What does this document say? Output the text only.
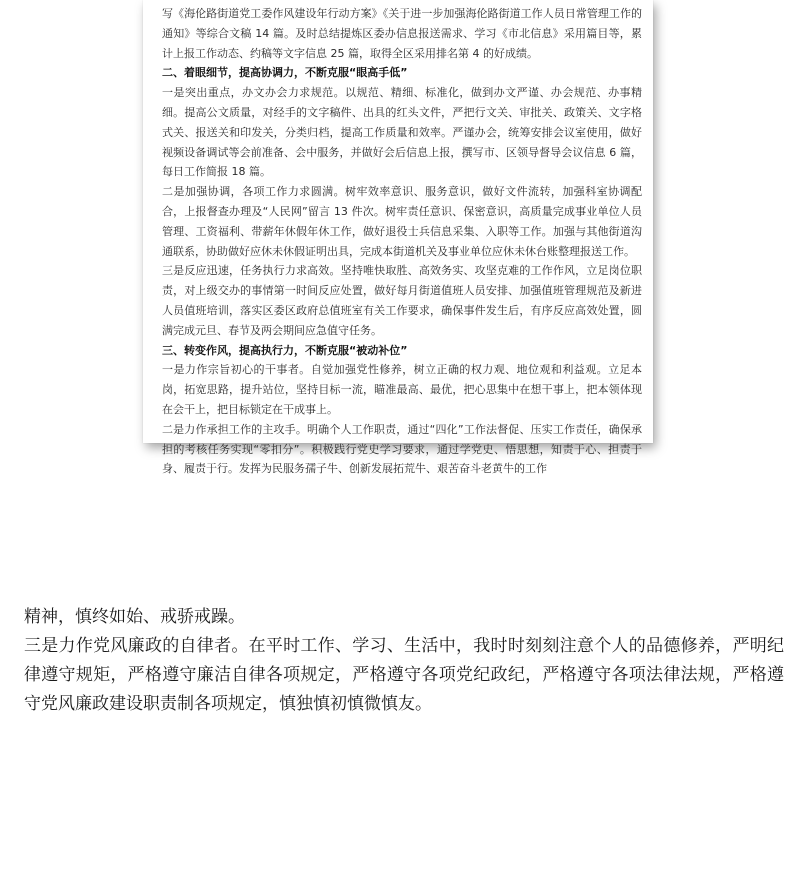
写《海伦路街道党工委作风建设年行动方案》《关于进一步加强海伦路街道工作人员日常管理工作的通知》等综合文稿 14 篇。及时总结提炼区委办信息报送需求、学习《市北信息》采用篇目等，累计上报工作动态、约稿等文字信息 25 篇，取得全区采用排名第 4 的好成绩。

二、着眼细节，提高协调力，不断克服“眼高手低”

一是突出重点，办文办会力求规范。以规范、精细、标准化，做到办文严谨、办会规范、办事精细。提高公文质量，对经手的文字稿件、出具的红头文件，严把行文关、审批关、政策关、文字格式关、报送关和印发关，分类归档，提高工作质量和效率。严谨办会，统筹安排会议室使用，做好视频设备调试等会前准备、会中服务，并做好会后信息上报，撰写市、区领导督导会议信息 6 篇，每日工作简报 18 篇。

二是加强协调，各项工作力求圆满。树牢效率意识、服务意识，做好文件流转，加强科室协调配合，上报督查办理及“人民网”留言 13 件次。树牢责任意识、保密意识，高质量完成事业单位人员管理、工资福利、带薪年休假年休工作，做好退役士兵信息采集、入职等工作。加强与其他街道沟通联系，协助做好应休未休假证明出具，完成本街道机关及事业单位应休未休台账整理报送工作。

三是反应迅速，任务执行力求高效。坚持唯快取胜、高效务实、攻坚克难的工作作风，立足岗位职责，对上级交办的事情第一时间反应处置，做好每月街道值班人员安排、加强值班管理规范及新进人员值班培训，落实区委区政府总值班室有关工作要求，确保事件发生后，有序反应高效处置，圆满完成元旦、春节及两会期间应急值守任务。

三、转变作风，提高执行力，不断克服“被动补位”

一是力作宗旨初心的干事者。自觉加强党性修养，树立正确的权力观、地位观和利益观。立足本岗，拓宽思路，提升站位，坚持目标一流，瞄准最高、最优，把心思集中在想干事上，把本领体现在会干上，把目标锁定在干成事上。

二是力作承担工作的主攻手。明确个人工作职责，通过“四化”工作法督促、压实工作责任，确保承担的考核任务实现“零扣分”。积极践行党史学习要求，通过学党史、悟思想，知责于心、担责于身、履责于行。发挥为民服务孺子牛、创新发展拓荒牛、艰苦奋斗老黄牛的工作

精神，慎终如始、戒骄戒躁。

三是力作党风廉政的自律者。在平时工作、学习、生活中，我时时刻刻注意个人的品德修养，严明纪律遵守规矩，严格遵守廉洁自律各项规定，严格遵守各项党纪政纪，严格遵守各项法律法规，严格遵守党风廉政建设职责制各项规定，慎独慎初慎微慎友。
